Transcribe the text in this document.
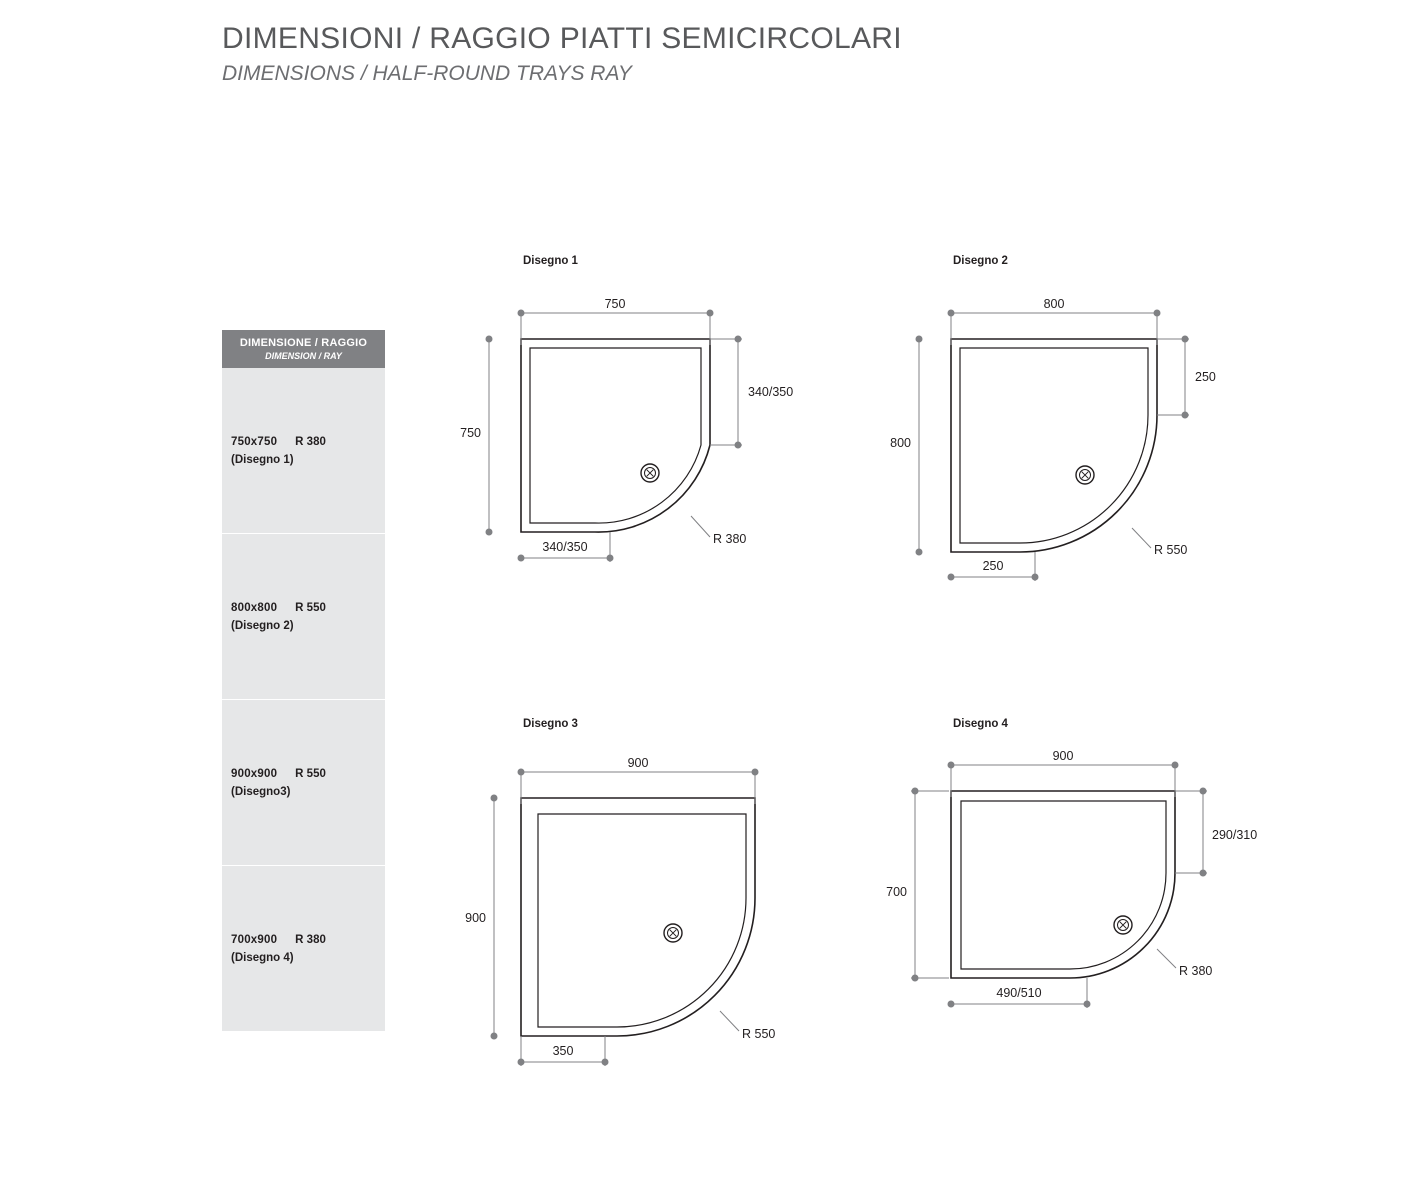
DIMENSIONI / RAGGIO PIATTI SEMICIRCOLARI
DIMENSIONS / HALF-ROUND TRAYS RAY
DIMENSIONE / RAGGIO
DIMENSION / RAY

750x750 R 380
(Disegno 1)

800x800 R 550
(Disegno 2)

900x900 R 550
(Disegno3)

700x900 R 380
(Disegno 4)
Disegno 1
750
750
340/350
340/350
R 380
Disegno 2
800
800
250
250
R 550
Disegno 3
900
900
350
R 550
Disegno 4
900
700
290/310
490/510
R 380
